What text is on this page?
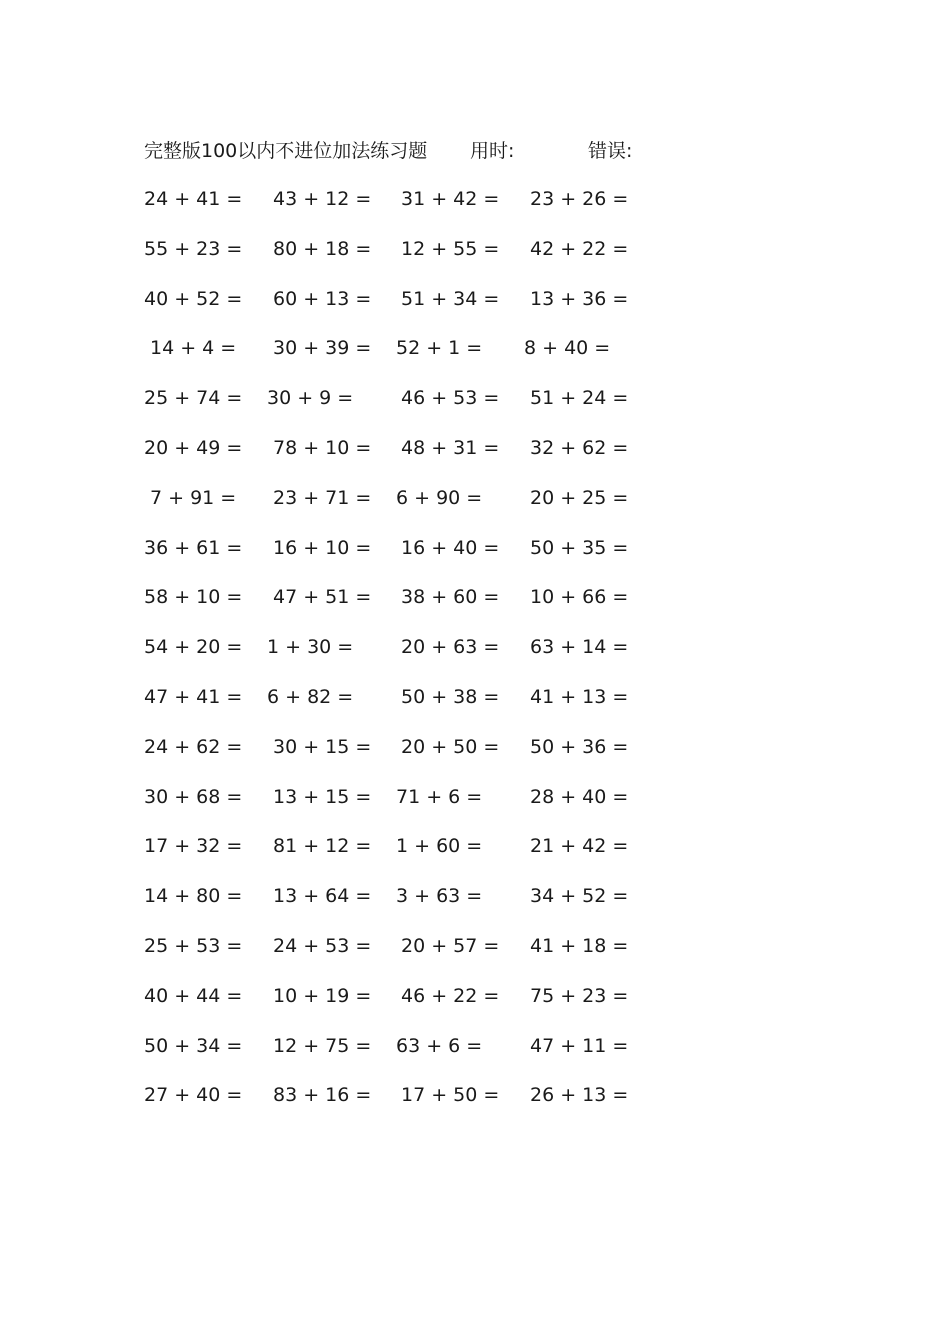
完整版100以内不进位加法练习题 用时:	错误:
24 + 41 =	43 + 12 =	31 + 42 =	23 + 26 =
55 + 23 =	80 + 18 =	12 + 55 =	42 + 22 =
40 + 52 =	60 + 13 =	51 + 34 =	13 + 36 =
14 + 4 =	30 + 39 =	52 + 1 =	8 + 40 =
25 + 74 =	30 + 9 =	46 + 53 =	51 + 24 =
20 + 49 =	78 + 10 =	48 + 31 =	32 + 62 =
7 + 91 =	23 + 71 =	6 + 90 =	20 + 25 =
36 + 61 =	16 + 10 =	16 + 40 =	50 + 35 =
58 + 10 =	47 + 51 =	38 + 60 =	10 + 66 =
54 + 20 =	1 + 30 =	20 + 63 =	63 + 14 =
47 + 41 =	6 + 82 =	50 + 38 =	41 + 13 =
24 + 62 =	30 + 15 =	20 + 50 =	50 + 36 =
30 + 68 =	13 + 15 =	71 + 6 =	28 + 40 =
17 + 32 =	81 + 12 =	1 + 60 =	21 + 42 =
14 + 80 =	13 + 64 =	3 + 63 =	34 + 52 =
25 + 53 =	24 + 53 =	20 + 57 =	41 + 18 =
40 + 44 =	10 + 19 =	46 + 22 =	75 + 23 =
50 + 34 =	12 + 75 =	63 + 6 =	47 + 11 =
27 + 40 =	83 + 16 =	17 + 50 =	26 + 13 =
